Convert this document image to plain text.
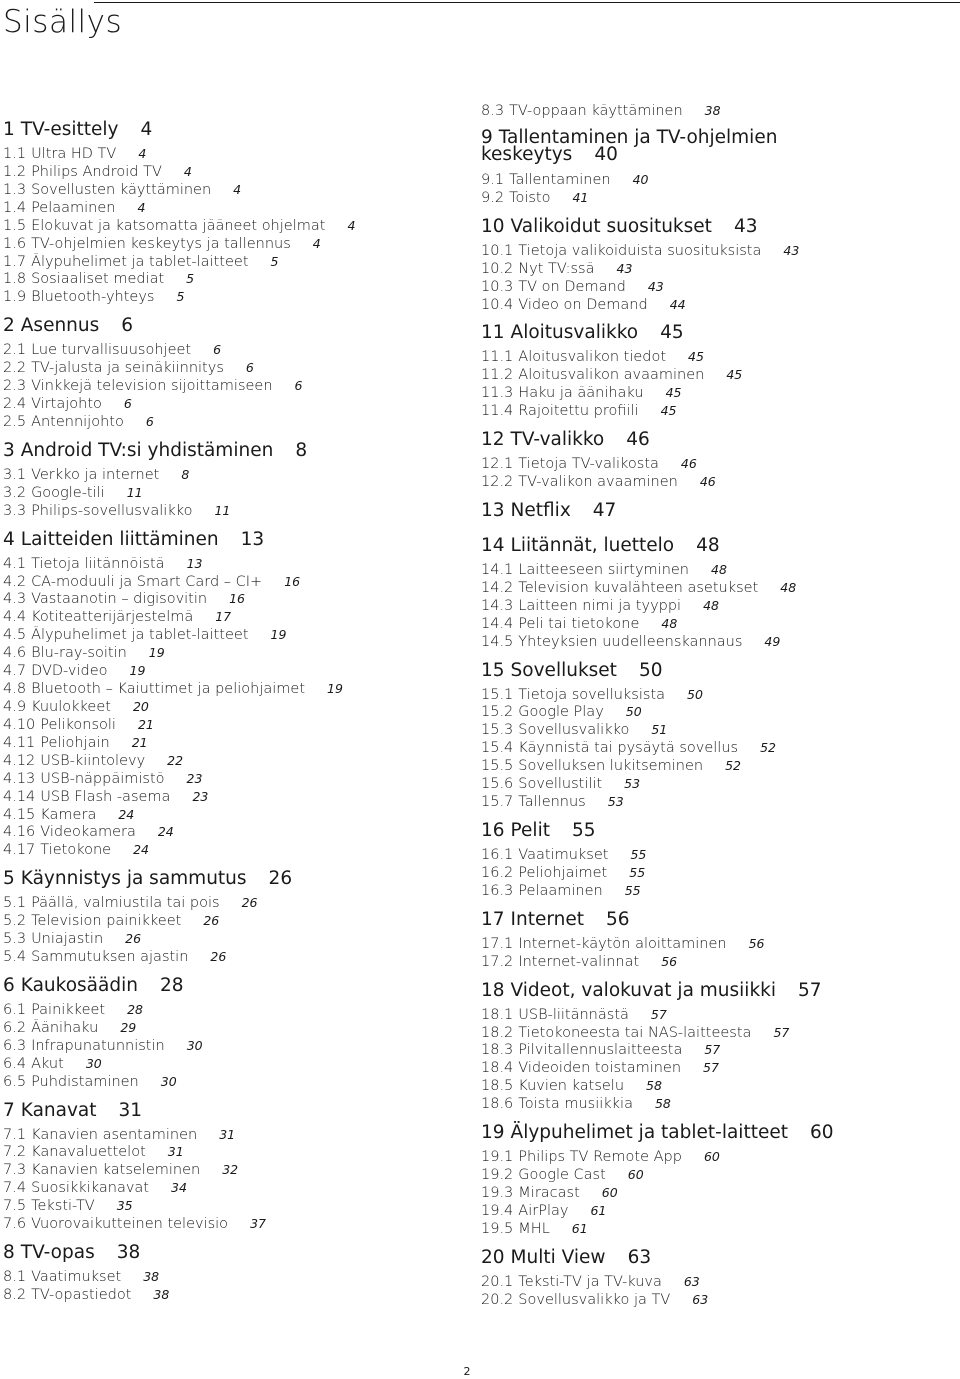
Sisällys
1 TV-esittely 4
1.1 Ultra HD TV 4
1.2 Philips Android TV 4
1.3 Sovellusten käyttäminen 4
1.4 Pelaaminen 4
1.5 Elokuvat ja katsomatta jääneet ohjelmat 4
1.6 TV-ohjelmien keskeytys ja tallennus 4
1.7 Älypuhelimet ja tablet-laitteet 5
1.8 Sosiaaliset mediat 5
1.9 Bluetooth-yhteys 5
2 Asennus 6
2.1 Lue turvallisuusohjeet 6
2.2 TV-jalusta ja seinäkiinnitys 6
2.3 Vinkkejä television sijoittamiseen 6
2.4 Virtajohto 6
2.5 Antennijohto 6
3 Android TV:si yhdistäminen 8
3.1 Verkko ja internet 8
3.2 Google-tili 11
3.3 Philips-sovellusvalikko 11
4 Laitteiden liittäminen 13
4.1 Tietoja liitännöistä 13
4.2 CA-moduuli ja Smart Card – CI+ 16
4.3 Vastaanotin – digisovitin 16
4.4 Kotiteatterijärjestelmä 17
4.5 Älypuhelimet ja tablet-laitteet 19
4.6 Blu-ray-soitin 19
4.7 DVD-video 19
4.8 Bluetooth – Kaiuttimet ja peliohjaimet 19
4.9 Kuulokkeet 20
4.10 Pelikonsoli 21
4.11 Peliohjain 21
4.12 USB-kiintolevy 22
4.13 USB-näppäimistö 23
4.14 USB Flash -asema 23
4.15 Kamera 24
4.16 Videokamera 24
4.17 Tietokone 24
5 Käynnistys ja sammutus 26
5.1 Päällä, valmiustila tai pois 26
5.2 Television painikkeet 26
5.3 Uniajastin 26
5.4 Sammutuksen ajastin 26
6 Kaukosäädin 28
6.1 Painikkeet 28
6.2 Äänihaku 29
6.3 Infrapunatunnistin 30
6.4 Akut 30
6.5 Puhdistaminen 30
7 Kanavat 31
7.1 Kanavien asentaminen 31
7.2 Kanavaluettelot 31
7.3 Kanavien katseleminen 32
7.4 Suosikkikanavat 34
7.5 Teksti-TV 35
7.6 Vuorovaikutteinen televisio 37
8 TV-opas 38
8.1 Vaatimukset 38
8.2 TV-opastiedot 38
8.3 TV-oppaan käyttäminen 38
9 Tallentaminen ja TV-ohjelmien keskeytys 40
9.1 Tallentaminen 40
9.2 Toisto 41
10 Valikoidut suositukset 43
10.1 Tietoja valikoiduista suosituksista 43
10.2 Nyt TV:ssä 43
10.3 TV on Demand 43
10.4 Video on Demand 44
11 Aloitusvalikko 45
11.1 Aloitusvalikon tiedot 45
11.2 Aloitusvalikon avaaminen 45
11.3 Haku ja äänihaku 45
11.4 Rajoitettu profiili 45
12 TV-valikko 46
12.1 Tietoja TV-valikosta 46
12.2 TV-valikon avaaminen 46
13 Netflix 47
14 Liitännät, luettelo 48
14.1 Laitteeseen siirtyminen 48
14.2 Television kuvalähteen asetukset 48
14.3 Laitteen nimi ja tyyppi 48
14.4 Peli tai tietokone 48
14.5 Yhteyksien uudelleenskannaus 49
15 Sovellukset 50
15.1 Tietoja sovelluksista 50
15.2 Google Play 50
15.3 Sovellusvalikko 51
15.4 Käynnistä tai pysäytä sovellus 52
15.5 Sovelluksen lukitseminen 52
15.6 Sovellustilit 53
15.7 Tallennus 53
16 Pelit 55
16.1 Vaatimukset 55
16.2 Peliohjaimet 55
16.3 Pelaaminen 55
17 Internet 56
17.1 Internet-käytön aloittaminen 56
17.2 Internet-valinnat 56
18 Videot, valokuvat ja musiikki 57
18.1 USB-liitännästä 57
18.2 Tietokoneesta tai NAS-laitteesta 57
18.3 Pilvitallennuslaitteesta 57
18.4 Videoiden toistaminen 57
18.5 Kuvien katselu 58
18.6 Toista musiikkia 58
19 Älypuhelimet ja tablet-laitteet 60
19.1 Philips TV Remote App 60
19.2 Google Cast 60
19.3 Miracast 60
19.4 AirPlay 61
19.5 MHL 61
20 Multi View 63
20.1 Teksti-TV ja TV-kuva 63
20.2 Sovellusvalikko ja TV 63
2
